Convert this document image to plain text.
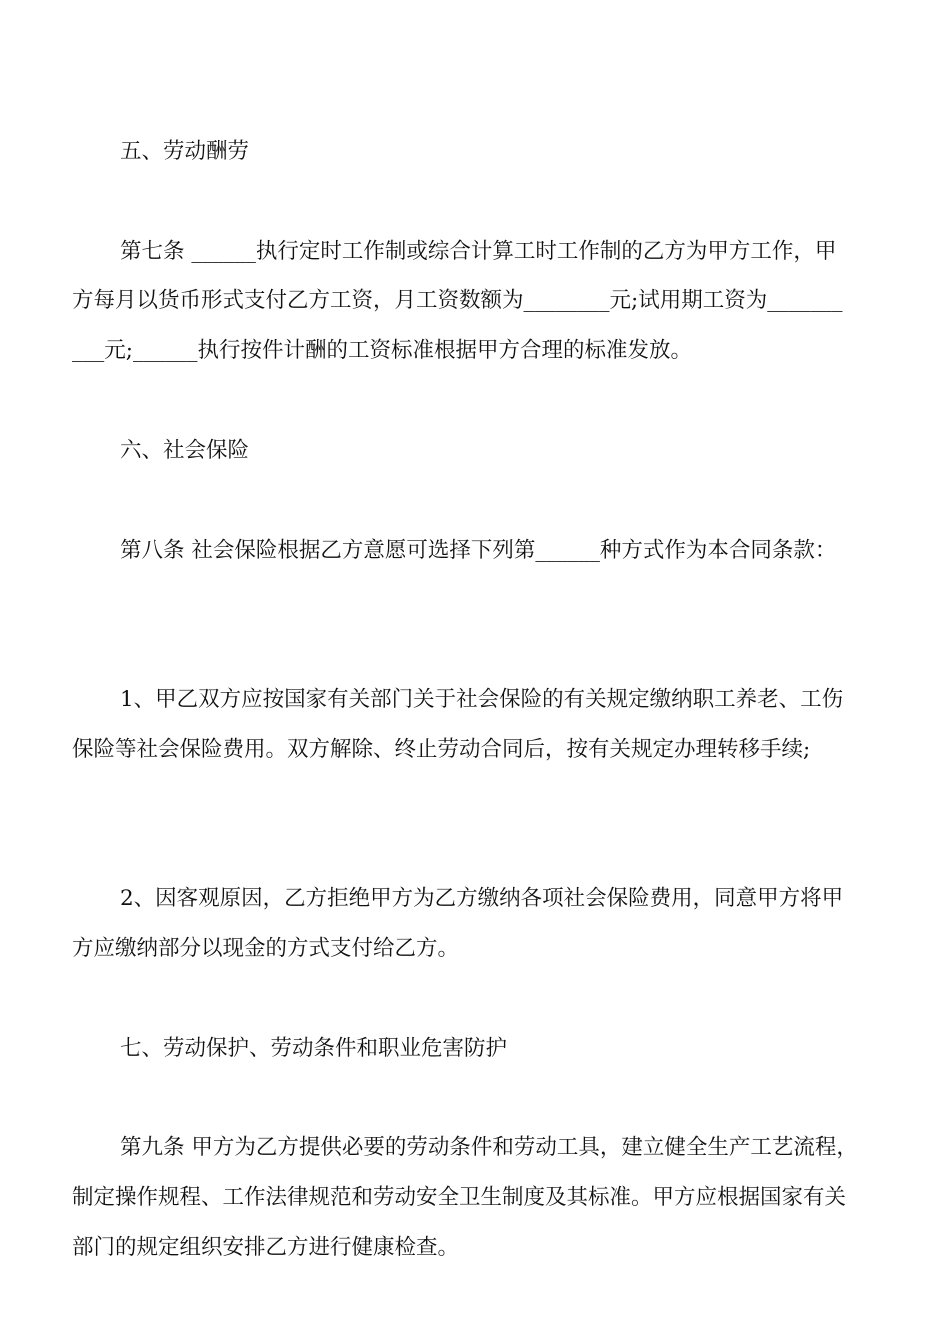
五、劳动酬劳
第七条 ______执行定时工作制或综合计算工时工作制的乙方为甲方工作，甲
方每月以货币形式支付乙方工资，月工资数额为________元;试用期工资为_______
___元;______执行按件计酬的工资标准根据甲方合理的标准发放。
六、社会保险
第八条 社会保险根据乙方意愿可选择下列第______种方式作为本合同条款：
1、甲乙双方应按国家有关部门关于社会保险的有关规定缴纳职工养老、工伤
保险等社会保险费用。双方解除、终止劳动合同后，按有关规定办理转移手续;
2、因客观原因，乙方拒绝甲方为乙方缴纳各项社会保险费用，同意甲方将甲
方应缴纳部分以现金的方式支付给乙方。
七、劳动保护、劳动条件和职业危害防护
第九条 甲方为乙方提供必要的劳动条件和劳动工具，建立健全生产工艺流程，
制定操作规程、工作法律规范和劳动安全卫生制度及其标准。甲方应根据国家有关
部门的规定组织安排乙方进行健康检查。
